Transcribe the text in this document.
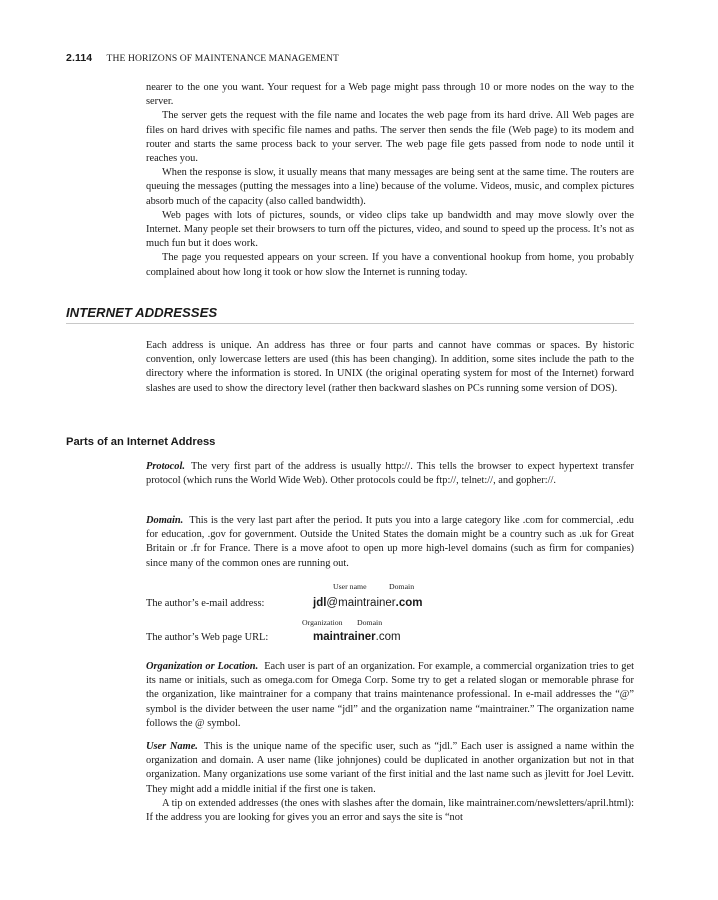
2.114 THE HORIZONS OF MAINTENANCE MANAGEMENT

nearer to the one you want. Your request for a Web page might pass through 10 or more nodes on the way to the server.

The server gets the request with the file name and locates the web page from its hard drive. All Web pages are files on hard drives with specific file names and paths. The server then sends the file (Web page) to its modem and router and starts the same process back to your server. The web page file gets passed from node to node until it reaches you.

When the response is slow, it usually means that many messages are being sent at the same time. The routers are queuing the messages (putting the messages into a line) because of the volume. Videos, music, and complex pictures absorb much of the capacity (also called bandwidth).

Web pages with lots of pictures, sounds, or video clips take up bandwidth and may move slowly over the Internet. Many people set their browsers to turn off the pictures, video, and sound to speed up the process. It’s not as much fun but it does work.

The page you requested appears on your screen. If you have a conventional hookup from home, you probably complained about how long it took or how slow the Internet is running today.

INTERNET ADDRESSES

Each address is unique. An address has three or four parts and cannot have commas or spaces. By historic convention, only lowercase letters are used (this has been changing). In addition, some sites include the path to the directory where the information is stored. In UNIX (the original operating system for most of the Internet) forward slashes are used to show the directory level (rather then backward slashes on PCs running some version of DOS).

Parts of an Internet Address

Protocol. The very first part of the address is usually http://. This tells the browser to expect hypertext transfer protocol (which runs the World Wide Web). Other protocols could be ftp://, telnet://, and gopher://.

Domain. This is the very last part after the period. It puts you into a large category like .com for commercial, .edu for education, .gov for government. Outside the United States the domain might be a country such as .uk for Great Britain or .fr for France. There is a move afoot to open up more high-level domains (such as firm for companies) since many of the common ones are running out.

User name	Domain
The author’s e-mail address:	jdl@maintrainer.com
Organization Domain
The author’s Web page URL:	maintrainer.com

Organization or Location. Each user is part of an organization. For example, a commercial organization tries to get its name or initials, such as omega.com for Omega Corp. Some try to get a related slogan or memorable phrase for the organization, like maintrainer for a company that trains maintenance professional. In e-mail addresses the “@” symbol is the divider between the user name “jdl” and the organization name “maintrainer.” The organization name follows the @ symbol.

User Name. This is the unique name of the specific user, such as “jdl.” Each user is assigned a name within the organization and domain. A user name (like johnjones) could be duplicated in another organization but not in that organization. Many organizations use some variant of the first initial and the last name such as jlevitt for Joel Levitt. They might add a middle initial if the first one is taken.

A tip on extended addresses (the ones with slashes after the domain, like maintrainer.com/newsletters/april.html): If the address you are looking for gives you an error and says the site is “not
